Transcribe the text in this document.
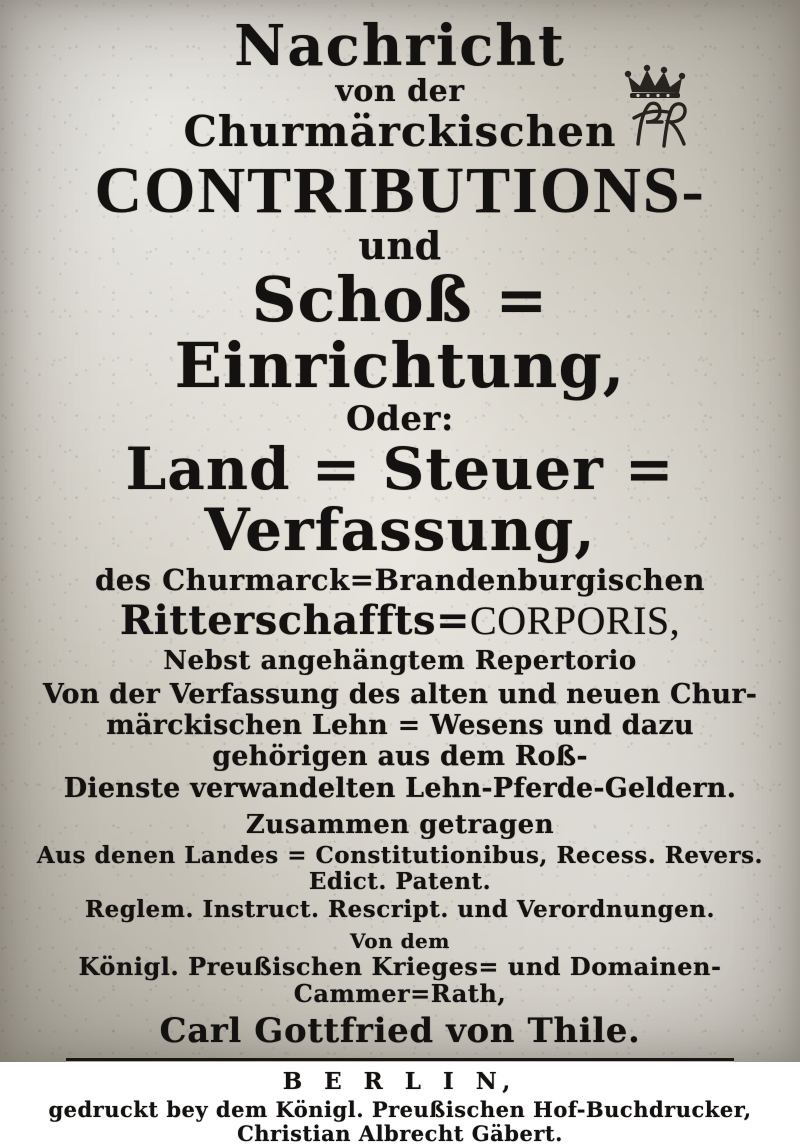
Nachricht
von der
Churmärckischen
CONTRIBUTIONS-
und
Schoß = Einrichtung,
Oder:
Land = Steuer = Verfassung,
des Churmarck=Brandenburgischen
Ritterschaffts=CORPORIS,
Nebst angehängtem Repertorio
Von der Verfassung des alten und neuen Chur-
märckischen Lehn = Wesens und dazu gehörigen aus dem Roß-
Dienste verwandelten Lehn-Pferde-Geldern.
Zusammen getragen
Aus denen Landes = Constitutionibus, Recess. Revers. Edict. Patent.
Reglem. Instruct. Rescript. und Verordnungen.
Von dem
Königl. Preußischen Krieges= und Domainen-Cammer=Rath,
Carl Gottfried von Thile.
B E R L I N,
gedruckt bey dem Königl. Preußischen Hof-Buchdrucker, Christian Albrecht Gäbert.
